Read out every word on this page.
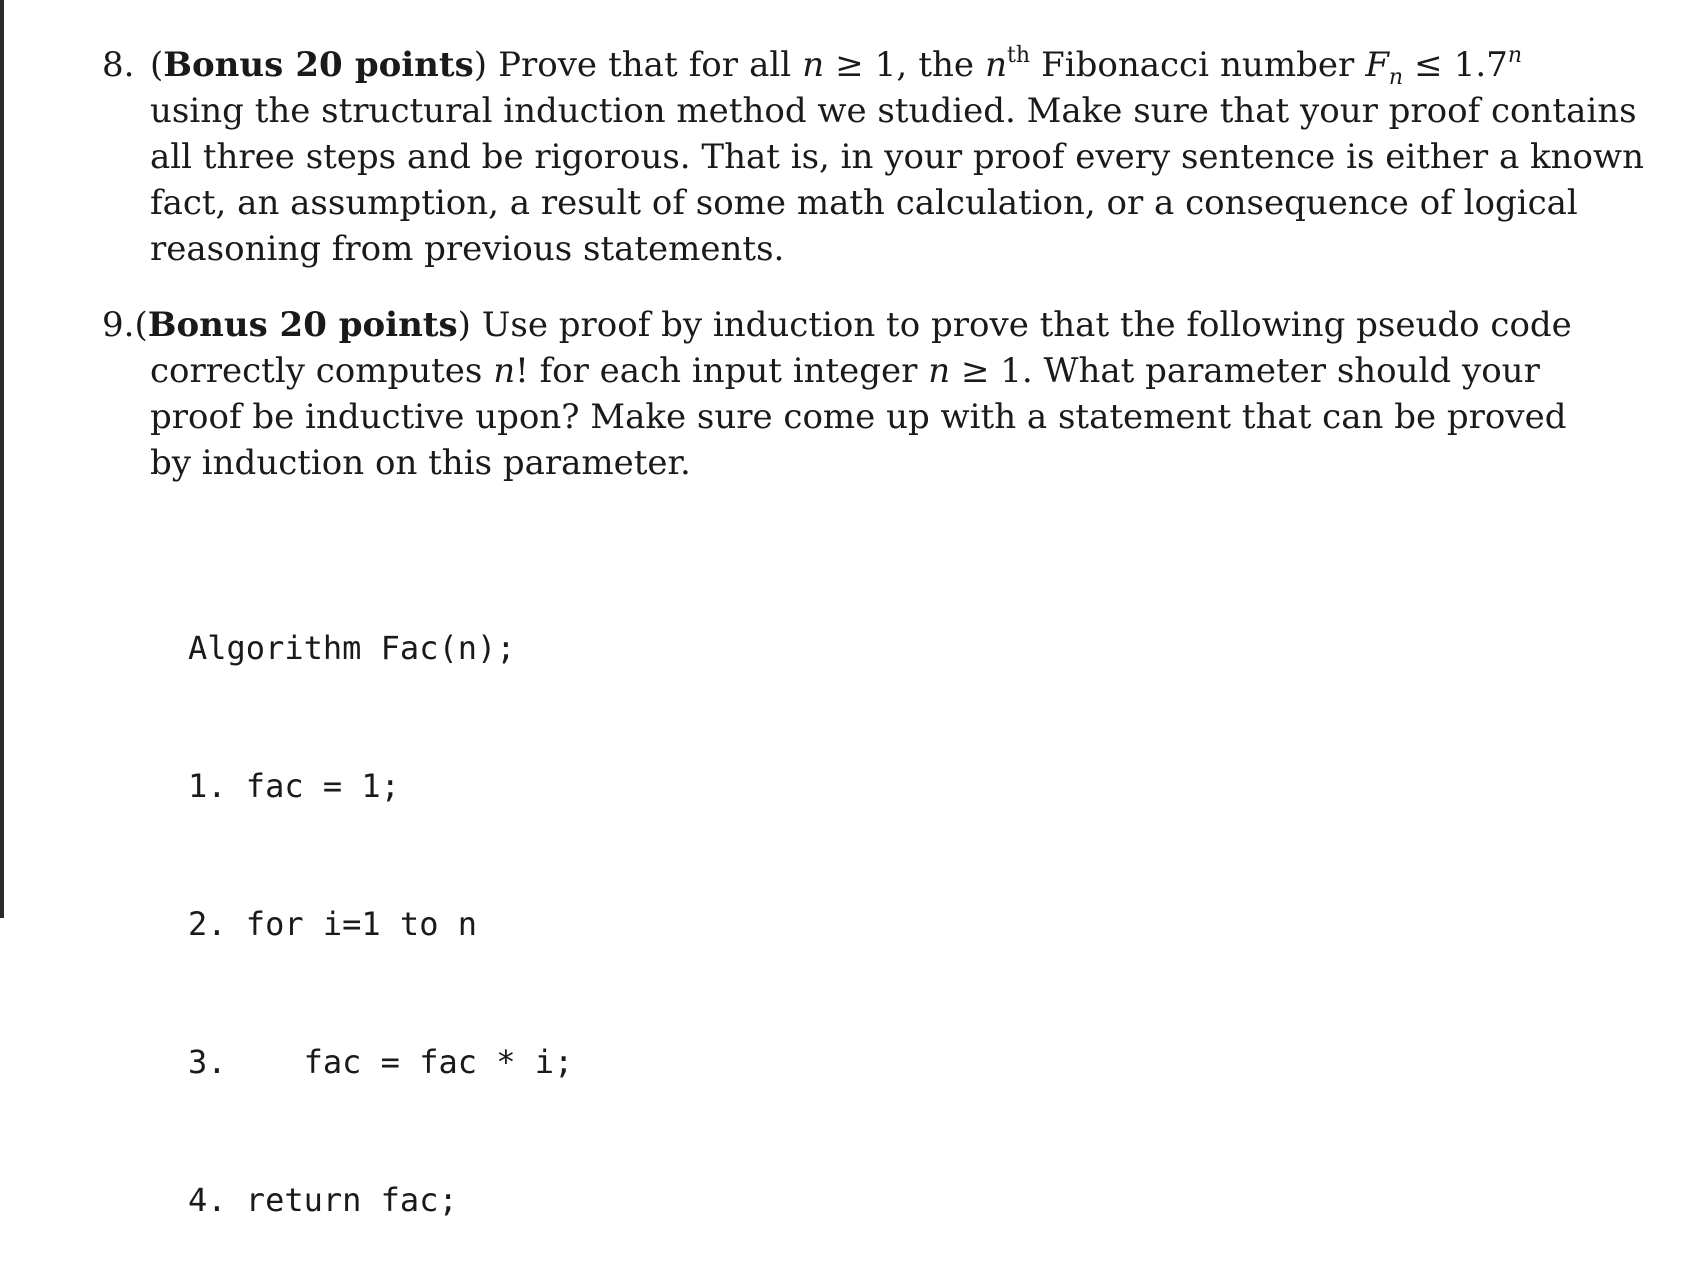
8. (Bonus 20 points) Prove that for all n ≥ 1, the $n^{th}$ Fibonacci number $F_n \le 1.7^n$
using the structural induction method we studied. Make sure that your proof contains
all three steps and be rigorous. That is, in your proof every sentence is either a known
fact, an assumption, a result of some math calculation, or a consequence of logical
reasoning from previous statements.
9. (Bonus 20 points) Use proof by induction to prove that the following pseudo code
correctly computes n! for each input integer n ≥ 1. What parameter should your
proof be inductive upon? Make sure come up with a statement that can be proved
by induction on this parameter.

Algorithm Fac(n);

1. fac = 1;

2. for i=1 to n

3.    fac = fac * i;

4. return fac;
